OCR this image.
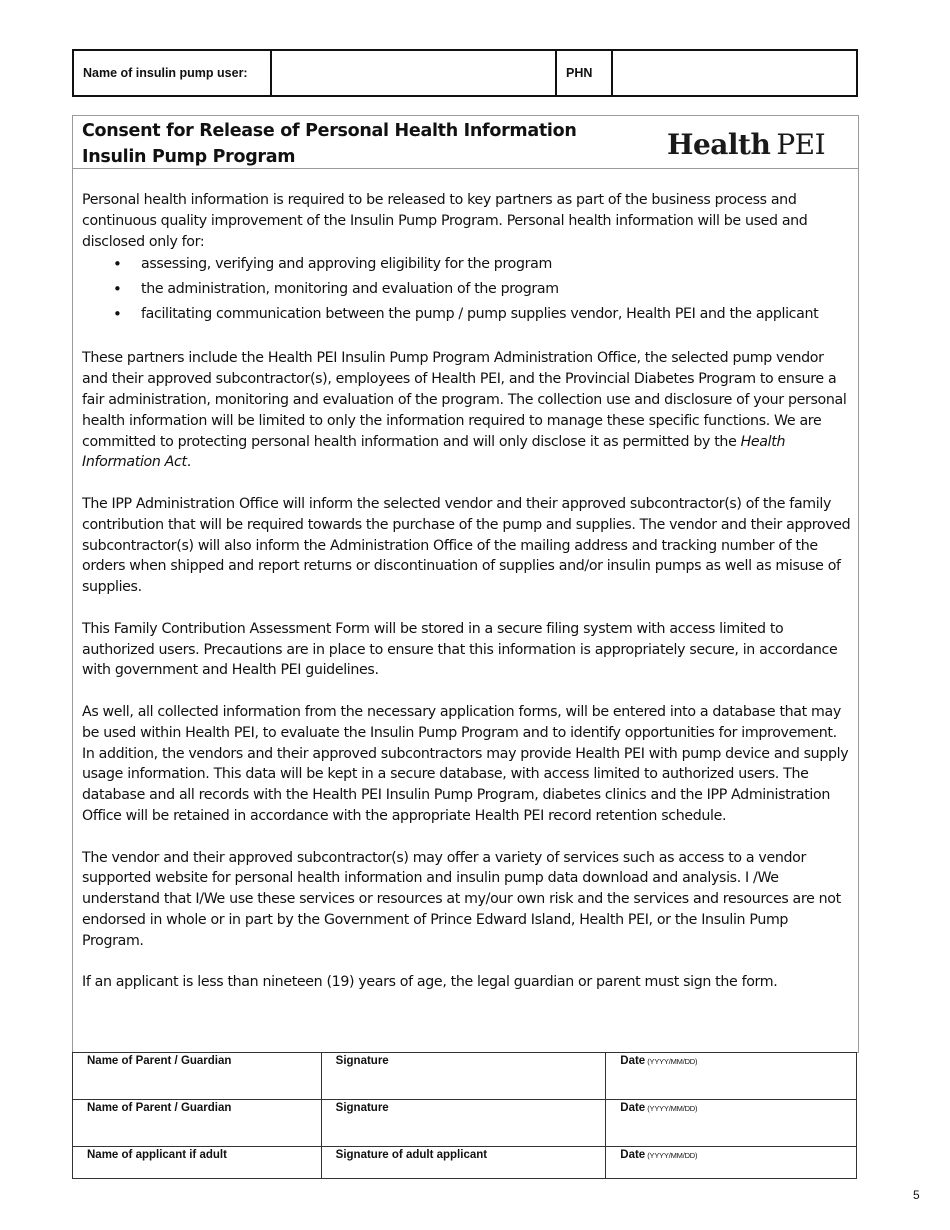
Name of insulin pump user:	PHN
Consent for Release of Personal Health Information
Insulin Pump Program	Health PEI

Personal health information is required to be released to key partners as part of the business process and continuous quality improvement of the Insulin Pump Program. Personal health information will be used and disclosed only for:

• assessing, verifying and approving eligibility for the program
• the administration, monitoring and evaluation of the program
• facilitating communication between the pump / pump supplies vendor, Health PEI and the applicant

These partners include the Health PEI Insulin Pump Program Administration Office, the selected pump vendor and their approved subcontractor(s), employees of Health PEI, and the Provincial Diabetes Program to ensure a fair administration, monitoring and evaluation of the program. The collection use and disclosure of your personal health information will be limited to only the information required to manage these specific functions. We are committed to protecting personal health information and will only disclose it as permitted by the Health Information Act.

The IPP Administration Office will inform the selected vendor and their approved subcontractor(s) of the family contribution that will be required towards the purchase of the pump and supplies. The vendor and their approved subcontractor(s) will also inform the Administration Office of the mailing address and tracking number of the orders when shipped and report returns or discontinuation of supplies and/or insulin pumps as well as misuse of supplies.

This Family Contribution Assessment Form will be stored in a secure filing system with access limited to authorized users. Precautions are in place to ensure that this information is appropriately secure, in accordance with government and Health PEI guidelines.

As well, all collected information from the necessary application forms, will be entered into a database that may be used within Health PEI, to evaluate the Insulin Pump Program and to identify opportunities for improvement. In addition, the vendors and their approved subcontractors may provide Health PEI with pump device and supply usage information. This data will be kept in a secure database, with access limited to authorized users. The database and all records with the Health PEI Insulin Pump Program, diabetes clinics and the IPP Administration Office will be retained in accordance with the appropriate Health PEI record retention schedule.

The vendor and their approved subcontractor(s) may offer a variety of services such as access to a vendor supported website for personal health information and insulin pump data download and analysis. I /We understand that I/We use these services or resources at my/our own risk and the services and resources are not endorsed in whole or in part by the Government of Prince Edward Island, Health PEI, or the Insulin Pump Program.

If an applicant is less than nineteen (19) years of age, the legal guardian or parent must sign the form.

Name of Parent / Guardian	Signature	Date (YYYY/MM/DD)
Name of Parent / Guardian	Signature	Date (YYYY/MM/DD)
Name of applicant if adult	Signature of adult applicant	Date (YYYY/MM/DD)
5
